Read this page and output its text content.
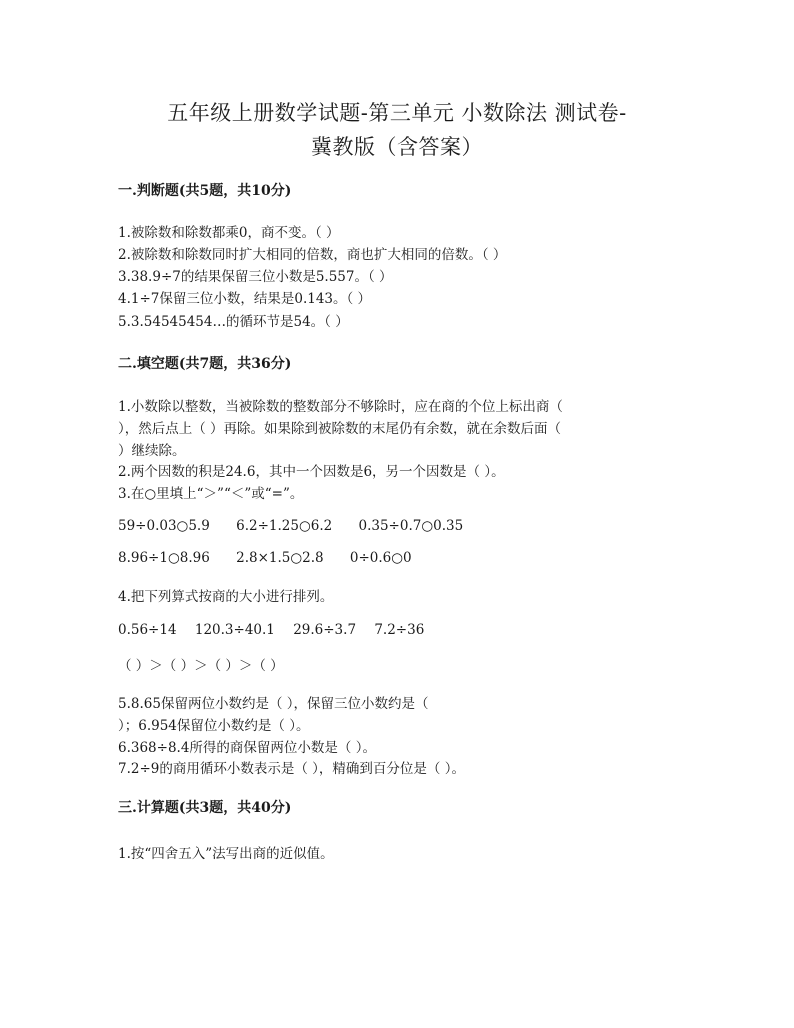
五年级上册数学试题-第三单元 小数除法 测试卷-
冀教版（含答案）
一.判断题(共5题，共10分)
1.被除数和除数都乘0，商不变。（ ）
2.被除数和除数同时扩大相同的倍数，商也扩大相同的倍数。（ ）
3.38.9÷7的结果保留三位小数是5.557。（ ）
4.1÷7保留三位小数，结果是0.143。（ ）
5.3.54545454…的循环节是54。（ ）
二.填空题(共7题，共36分)
1.小数除以整数，当被除数的整数部分不够除时，应在商的个位上标出商（
），然后点上（ ）再除。如果除到被除数的末尾仍有余数，就在余数后面（
）继续除。
2.两个因数的积是24.6，其中一个因数是6，另一个因数是（ ）。
3.在○里填上“＞”“＜”或“=”。
59÷0.03○5.9 6.2÷1.25○6.2 0.35÷0.7○0.35
8.96÷1○8.96 2.8×1.5○2.8 0÷0.6○0
4.把下列算式按商的大小进行排列。
0.56÷14 120.3÷40.1 29.6÷3.7 7.2÷36
（ ）＞（ ）＞（ ）＞（ ）
5.8.65保留两位小数约是（ ），保留三位小数约是（
）；6.954保留位小数约是（ ）。
6.368÷8.4所得的商保留两位小数是（ ）。
7.2÷9的商用循环小数表示是（ ），精确到百分位是（ ）。
三.计算题(共3题，共40分)
1.按“四舍五入”法写出商的近似值。
